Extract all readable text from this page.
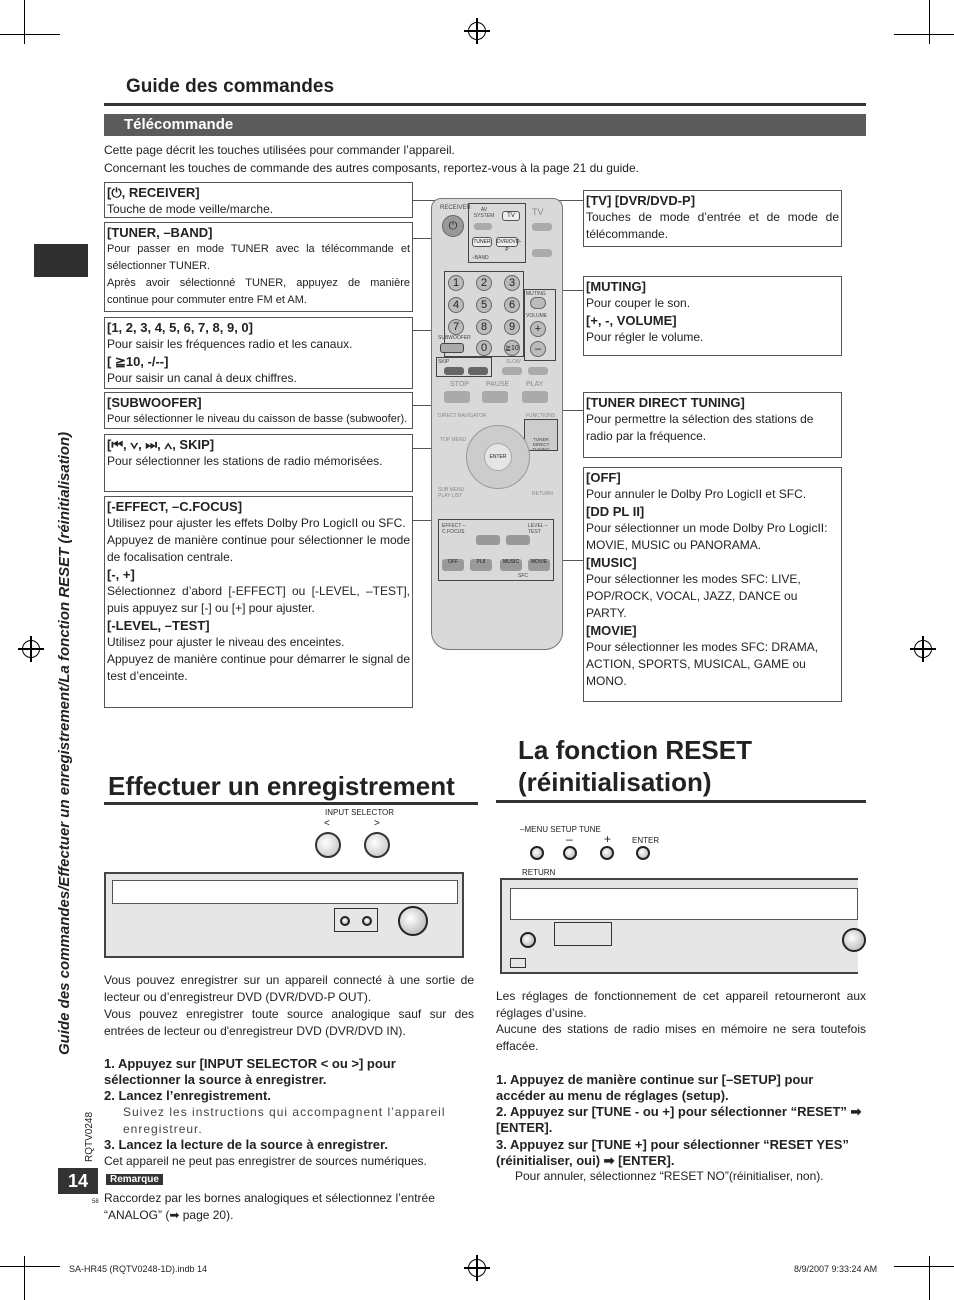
Guide des commandes
Télécommande
Cette page décrit les touches utilisées pour commander l’appareil.
Concernant les touches de commande des autres composants, reportez-vous à la page 21 du guide.
Guide des commandes/Effectuer un enregistrement/La fonction RESET (réinitialisation)
[⏻, RECEIVER]
Touche de mode veille/marche.
[TUNER, –BAND]
Pour passer en mode TUNER avec la télécommande et sélectionner TUNER.
Après avoir sélectionné TUNER, appuyez de manière continue pour commuter entre FM et AM.
[1, 2, 3, 4, 5, 6, 7, 8, 9, 0]
Pour saisir les fréquences radio et les canaux.
[ ≧10, -/--]
Pour saisir un canal à deux chiffres.
[SUBWOOFER]
Pour sélectionner le niveau du caisson de basse (subwoofer).
[⏮, ∨, ⏭, ∧, SKIP]
Pour sélectionner les stations de radio mémorisées.
[-EFFECT, –C.FOCUS]
Utilisez pour ajuster les effets Dolby Pro LogicII ou SFC.
Appuyez de manière continue pour sélectionner le mode de focalisation centrale.
[-, +]
Sélectionnez d’abord [-EFFECT] ou [-LEVEL, –TEST], puis appuyez sur [-] ou [+] pour ajuster.
[-LEVEL, –TEST]
Utilisez pour ajuster le niveau des enceintes.
Appuyez de manière continue pour démarrer le signal de test d’enceinte.
[TV] [DVR/DVD-P]
Touches de mode d’entrée et de mode de télécommande.
[MUTING]
Pour couper le son.
[+, -, VOLUME]
Pour régler le volume.
[TUNER DIRECT TUNING]
Pour permettre la sélection des stations de radio par la fréquence.
[OFF]
Pour annuler le Dolby Pro LogicII et SFC.
[DD PL II]
Pour sélectionner un mode Dolby Pro LogicII: MOVIE, MUSIC ou PANORAMA.
[MUSIC]
Pour sélectionner les modes SFC: LIVE, POP/ROCK, VOCAL, JAZZ, DANCE ou PARTY.
[MOVIE]
Pour sélectionner les modes SFC: DRAMA, ACTION, SPORTS, MUSICAL, GAME ou MONO.
RECEIVER
⏻
AV SYSTEM	TV	TV
TUNER DVR/DVD-P
–BAND
1	2	3
4	5	6
7	8	9
0	≧10
MUTING
VOLUME
+
–
SUBWOOFER
SKIP	SLOW
STOP PAUSE PLAY
DIRECT NAVIGATOR	FUNCTIONS
TOP MENU	TUNER DIRECT TUNING
ENTER
SUB MENU PLAY LIST	RETURN
EFFECT –C.FOCUS
LEVEL –TEST
OFF	PLII	MUSIC	MOVIE
SFC
Effectuer un enregistrement
INPUT SELECTOR
<	>
Vous pouvez enregistrer sur un appareil connecté à une sortie de lecteur ou d’enregistreur DVD (DVR/DVD-P OUT).
Vous pouvez enregistrer toute source analogique sauf sur des entrées de lecteur ou d'enregistreur DVD (DVR/DVD IN).
1. Appuyez sur [INPUT SELECTOR < ou >] pour sélectionner la source à enregistrer.
2. Lancez l’enregistrement.
Suivez les instructions qui accompagnent l’appareil enregistreur.
3. Lancez la lecture de la source à enregistrer.
Cet appareil ne peut pas enregistrer de sources numériques.
Remarque
Raccordez par les bornes analogiques et sélectionnez l’entrée “ANALOG” (➡ page 20).
La fonction RESET
(réinitialisation)
–MENU SETUP TUNE
–	+	ENTER
RETURN
Les réglages de fonctionnement de cet appareil retourneront aux réglages d’usine.
Aucune des stations de radio mises en mémoire ne sera toutefois effacée.
1. Appuyez de manière continue sur [–SETUP] pour accéder au menu de réglages (setup).
2. Appuyez sur [TUNE - ou +] pour sélectionner “RESET” ➡ [ENTER].
3. Appuyez sur [TUNE +] pour sélectionner “RESET YES” (réinitialiser, oui) ➡ [ENTER].
Pour annuler, sélectionnez “RESET NO”(réinitialiser, non).
14
RQTV0248
58
SA-HR45 (RQTV0248-1D).indb 14	8/9/2007 9:33:24 AM
